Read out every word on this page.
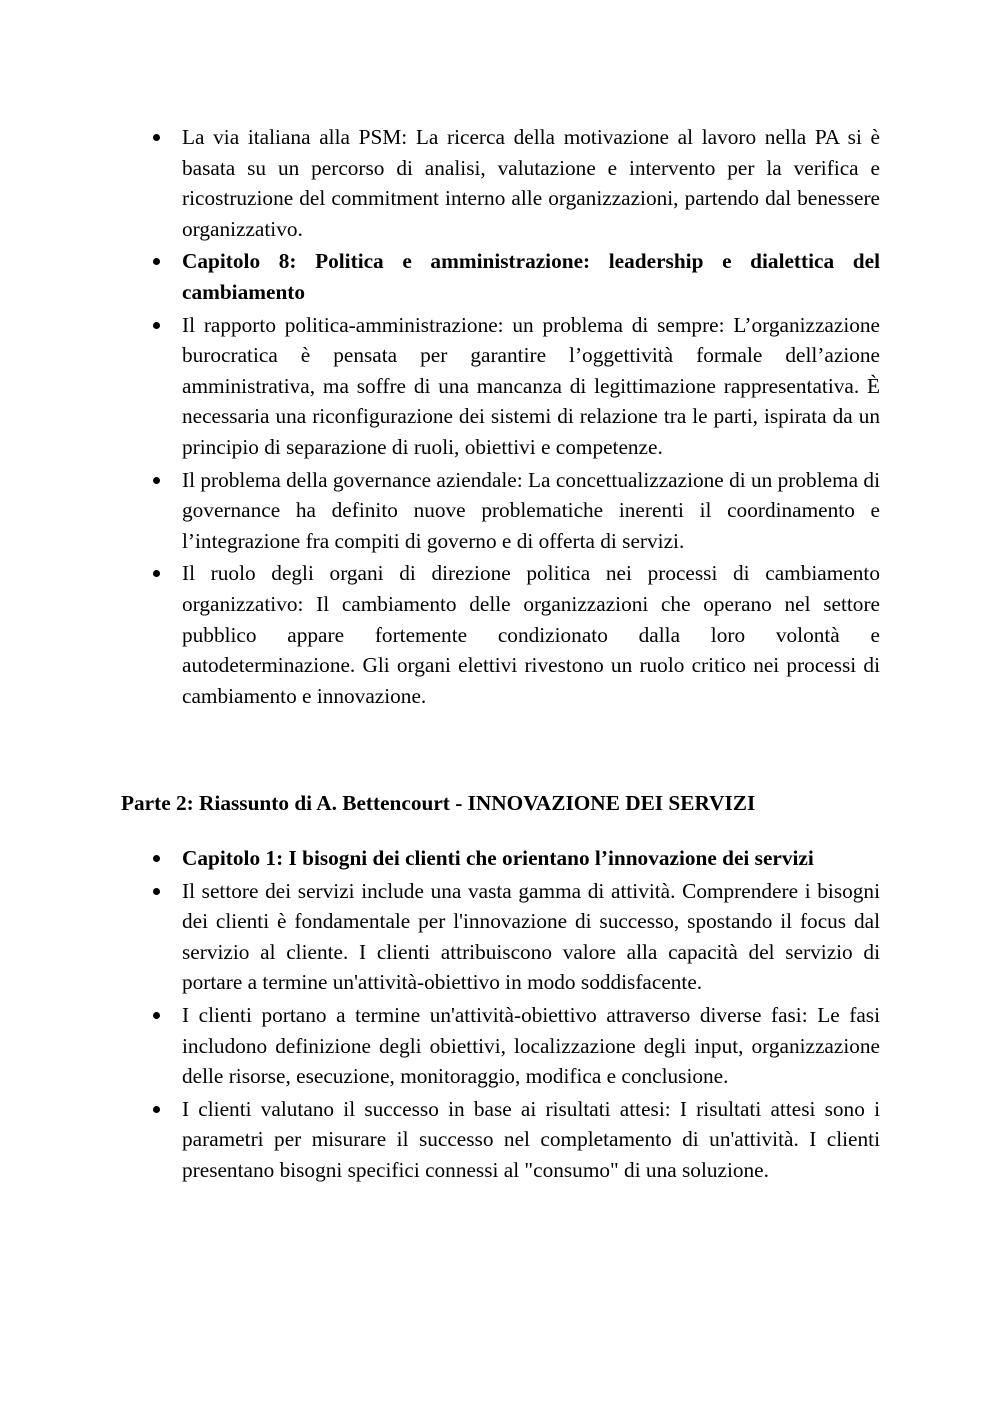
La via italiana alla PSM: La ricerca della motivazione al lavoro nella PA si è basata su un percorso di analisi, valutazione e intervento per la verifica e ricostruzione del commitment interno alle organizzazioni, partendo dal benessere organizzativo.
Capitolo 8: Politica e amministrazione: leadership e dialettica del cambiamento
Il rapporto politica-amministrazione: un problema di sempre: L’organizzazione burocratica è pensata per garantire l’oggettività formale dell’azione amministrativa, ma soffre di una mancanza di legittimazione rappresentativa. È necessaria una riconfigurazione dei sistemi di relazione tra le parti, ispirata da un principio di separazione di ruoli, obiettivi e competenze.
Il problema della governance aziendale: La concettualizzazione di un problema di governance ha definito nuove problematiche inerenti il coordinamento e l’integrazione fra compiti di governo e di offerta di servizi.
Il ruolo degli organi di direzione politica nei processi di cambiamento organizzativo: Il cambiamento delle organizzazioni che operano nel settore pubblico appare fortemente condizionato dalla loro volontà e autodeterminazione. Gli organi elettivi rivestono un ruolo critico nei processi di cambiamento e innovazione.
Parte 2: Riassunto di A. Bettencourt - INNOVAZIONE DEI SERVIZI
Capitolo 1: I bisogni dei clienti che orientano l’innovazione dei servizi
Il settore dei servizi include una vasta gamma di attività. Comprendere i bisogni dei clienti è fondamentale per l'innovazione di successo, spostando il focus dal servizio al cliente. I clienti attribuiscono valore alla capacità del servizio di portare a termine un'attività-obiettivo in modo soddisfacente.
I clienti portano a termine un'attività-obiettivo attraverso diverse fasi: Le fasi includono definizione degli obiettivi, localizzazione degli input, organizzazione delle risorse, esecuzione, monitoraggio, modifica e conclusione.
I clienti valutano il successo in base ai risultati attesi: I risultati attesi sono i parametri per misurare il successo nel completamento di un'attività. I clienti presentano bisogni specifici connessi al "consumo" di una soluzione.
